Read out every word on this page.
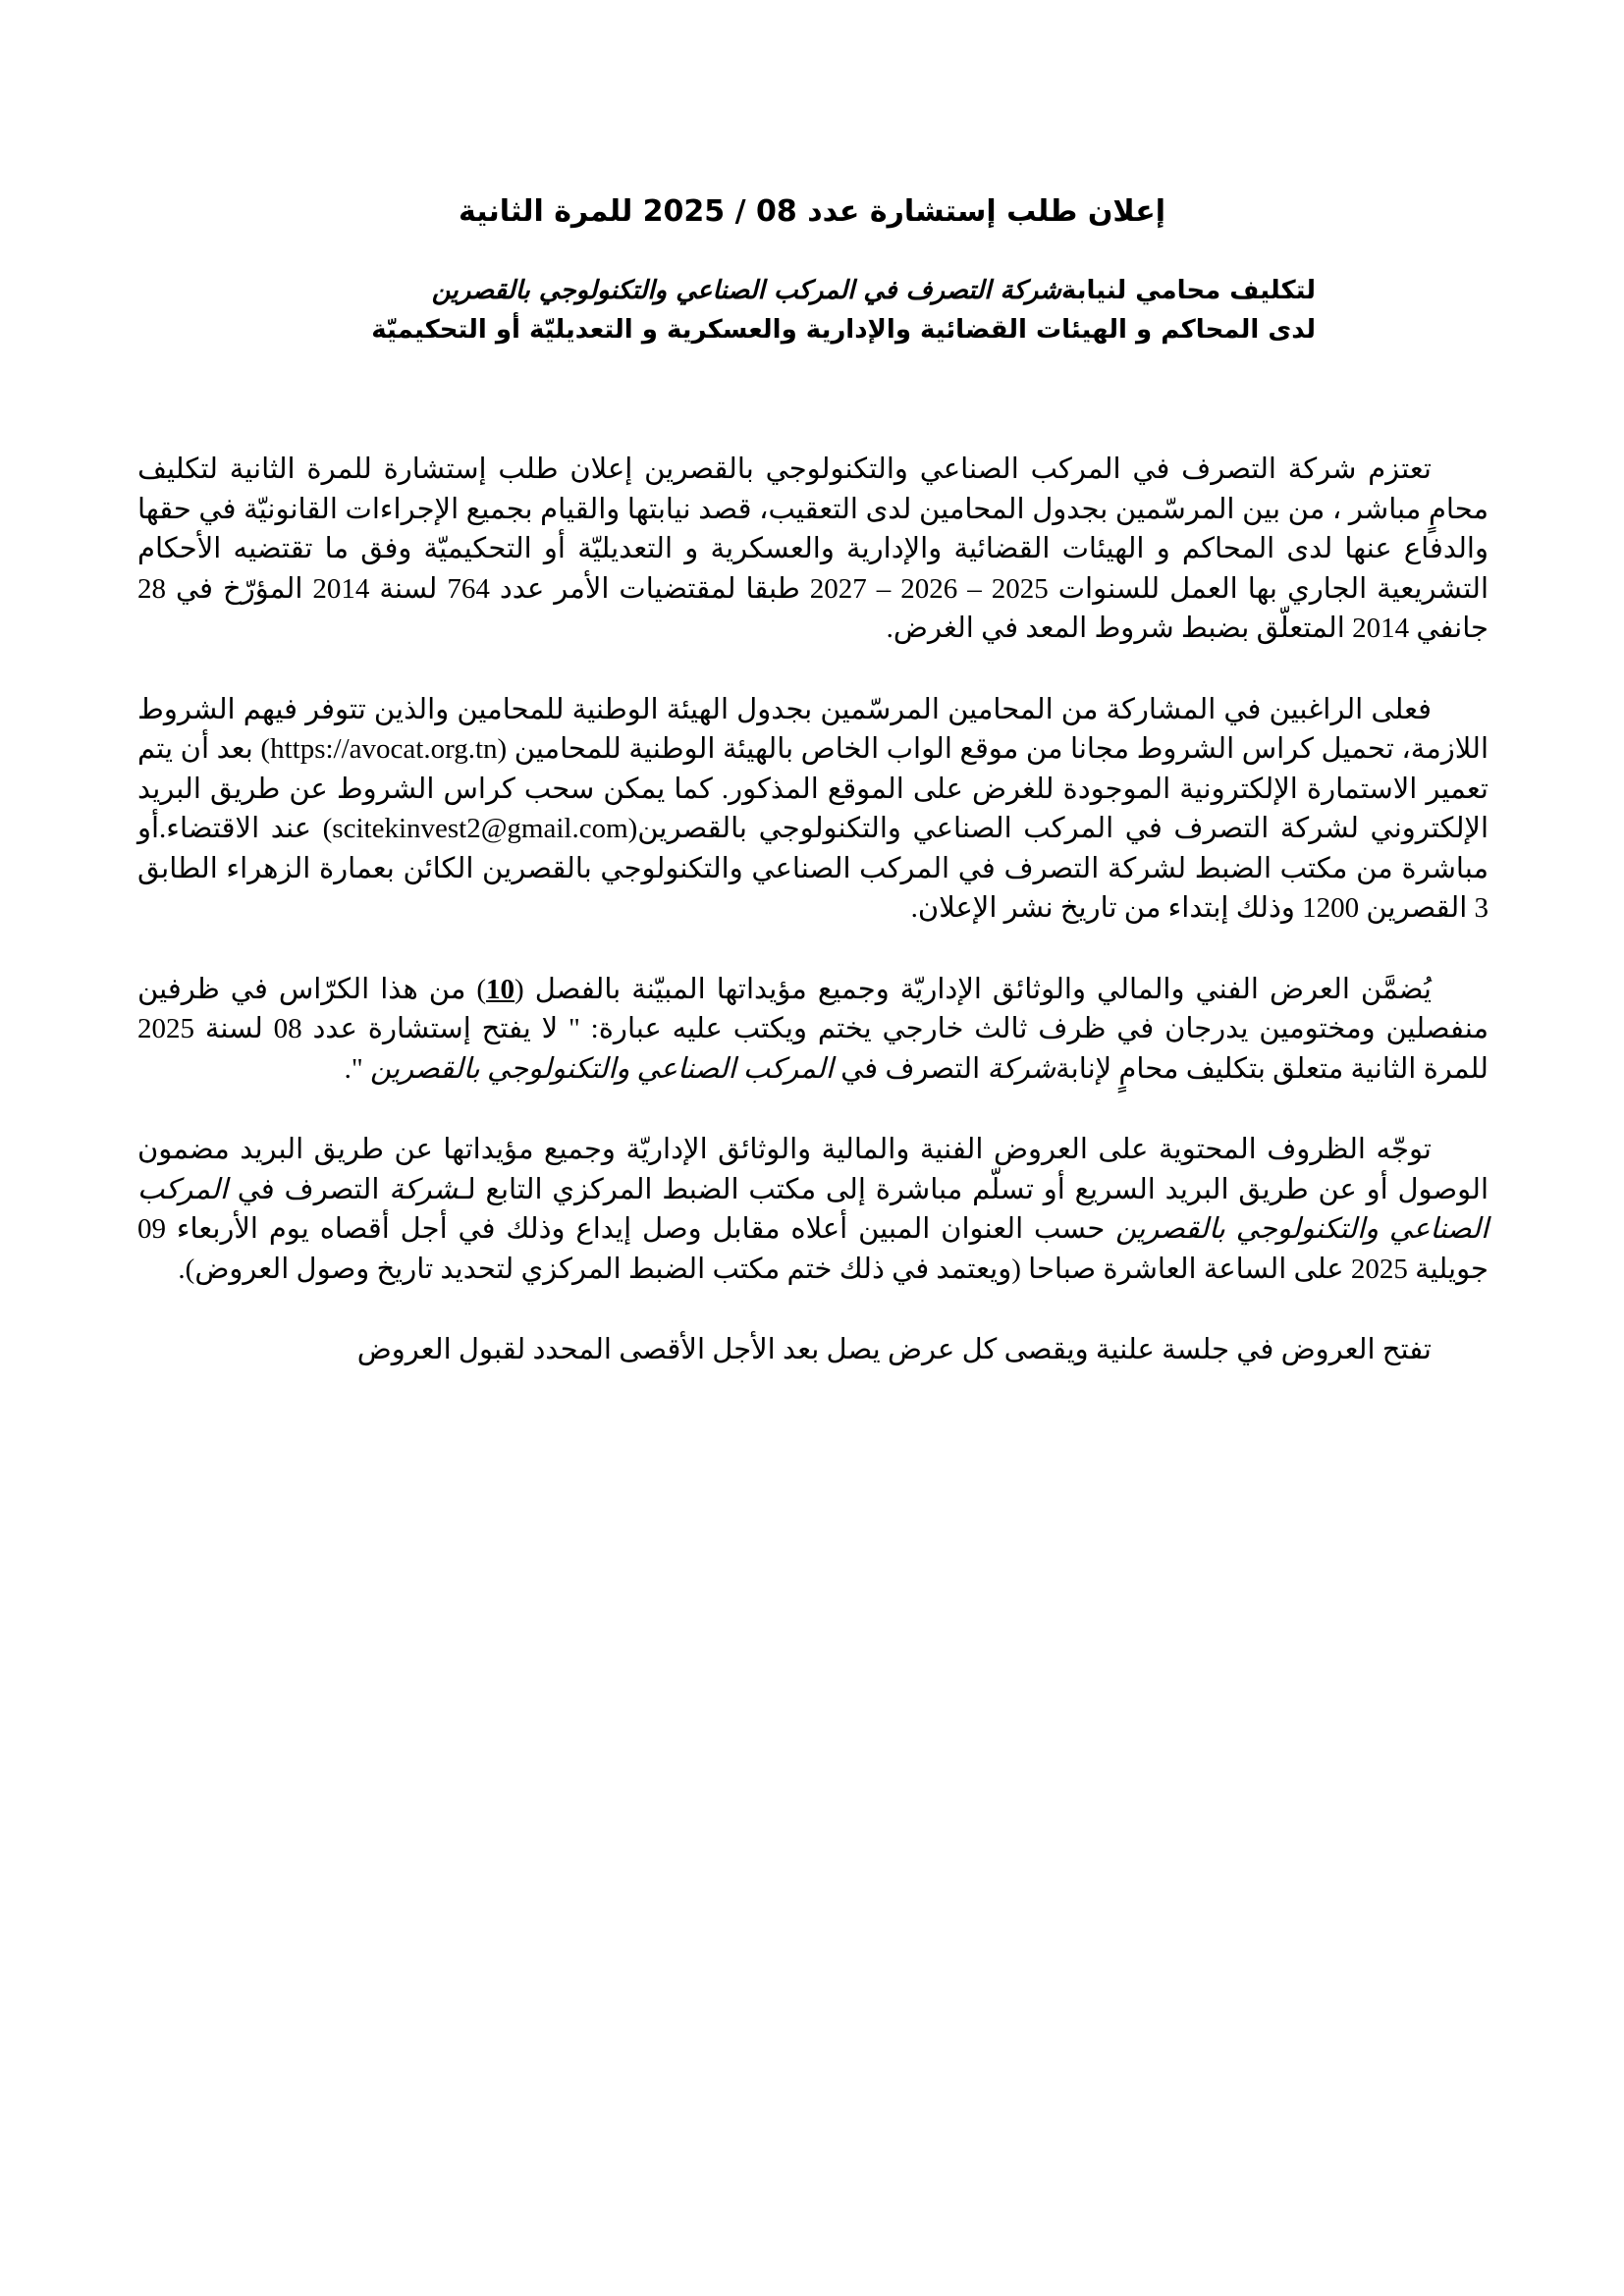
إعلان طلب إستشارة عدد 08 / 2025 للمرة الثانية
لتكليف محامي لنيابةشركة التصرف في المركب الصناعي والتكنولوجي بالقصرين
لدى المحاكم و الهيئات القضائية والإدارية والعسكرية و التعديليّة أو التحكيميّة

تعتزم شركة التصرف في المركب الصناعي والتكنولوجي بالقصرين إعلان طلب إستشارة للمرة الثانية لتكليف محامٍ مباشر ، من بين المرسّمين بجدول المحامين لدى التعقيب، قصد نيابتها والقيام بجميع الإجراءات القانونيّة في حقها والدفاع عنها لدى المحاكم و الهيئات القضائية والإدارية والعسكرية و التعديليّة أو التحكيميّة وفق ما تقتضيه الأحكام التشريعية الجاري بها العمل للسنوات 2025 – 2026 – 2027 طبقا لمقتضيات الأمر عدد 764 لسنة 2014 المؤرّخ في 28 جانفي 2014 المتعلّق بضبط شروط المعد في الغرض.

فعلى الراغبين في المشاركة من المحامين المرسّمين بجدول الهيئة الوطنية للمحامين والذين تتوفر فيهم الشروط اللازمة، تحميل كراس الشروط مجانا من موقع الواب الخاص بالهيئة الوطنية للمحامين (https://avocat.org.tn) بعد أن يتم تعمير الاستمارة الإلكترونية الموجودة للغرض على الموقع المذكور. كما يمكن سحب كراس الشروط عن طريق البريد الإلكتروني لشركة التصرف في المركب الصناعي والتكنولوجي بالقصرين(scitekinvest2@gmail.com) عند الاقتضاء.أو مباشرة من مكتب الضبط لشركة التصرف في المركب الصناعي والتكنولوجي بالقصرين الكائن بعمارة الزهراء الطابق 3 القصرين 1200 وذلك إبتداء من تاريخ نشر الإعلان.

يُضمَّن العرض الفني والمالي والوثائق الإداريّة وجميع مؤيداتها المبيّنة بالفصل (10) من هذا الكرّاس في ظرفين منفصلين ومختومين يدرجان في ظرف ثالث خارجي يختم ويكتب عليه عبارة: " لا يفتح إستشارة عدد 08 لسنة 2025 للمرة الثانية متعلق بتكليف محامٍ لإنابةشركة التصرف في المركب الصناعي والتكنولوجي بالقصرين ".

توجّه الظروف المحتوية على العروض الفنية والمالية والوثائق الإداريّة وجميع مؤيداتها عن طريق البريد مضمون الوصول أو عن طريق البريد السريع أو تسلّم مباشرة إلى مكتب الضبط المركزي التابع لـشركة التصرف في المركب الصناعي والتكنولوجي بالقصرين حسب العنوان المبين أعلاه مقابل وصل إيداع وذلك في أجل أقصاه يوم الأربعاء 09 جويلية 2025 على الساعة العاشرة صباحا (ويعتمد في ذلك ختم مكتب الضبط المركزي لتحديد تاريخ وصول العروض).

تفتح العروض في جلسة علنية ويقصى كل عرض يصل بعد الأجل الأقصى المحدد لقبول العروض
